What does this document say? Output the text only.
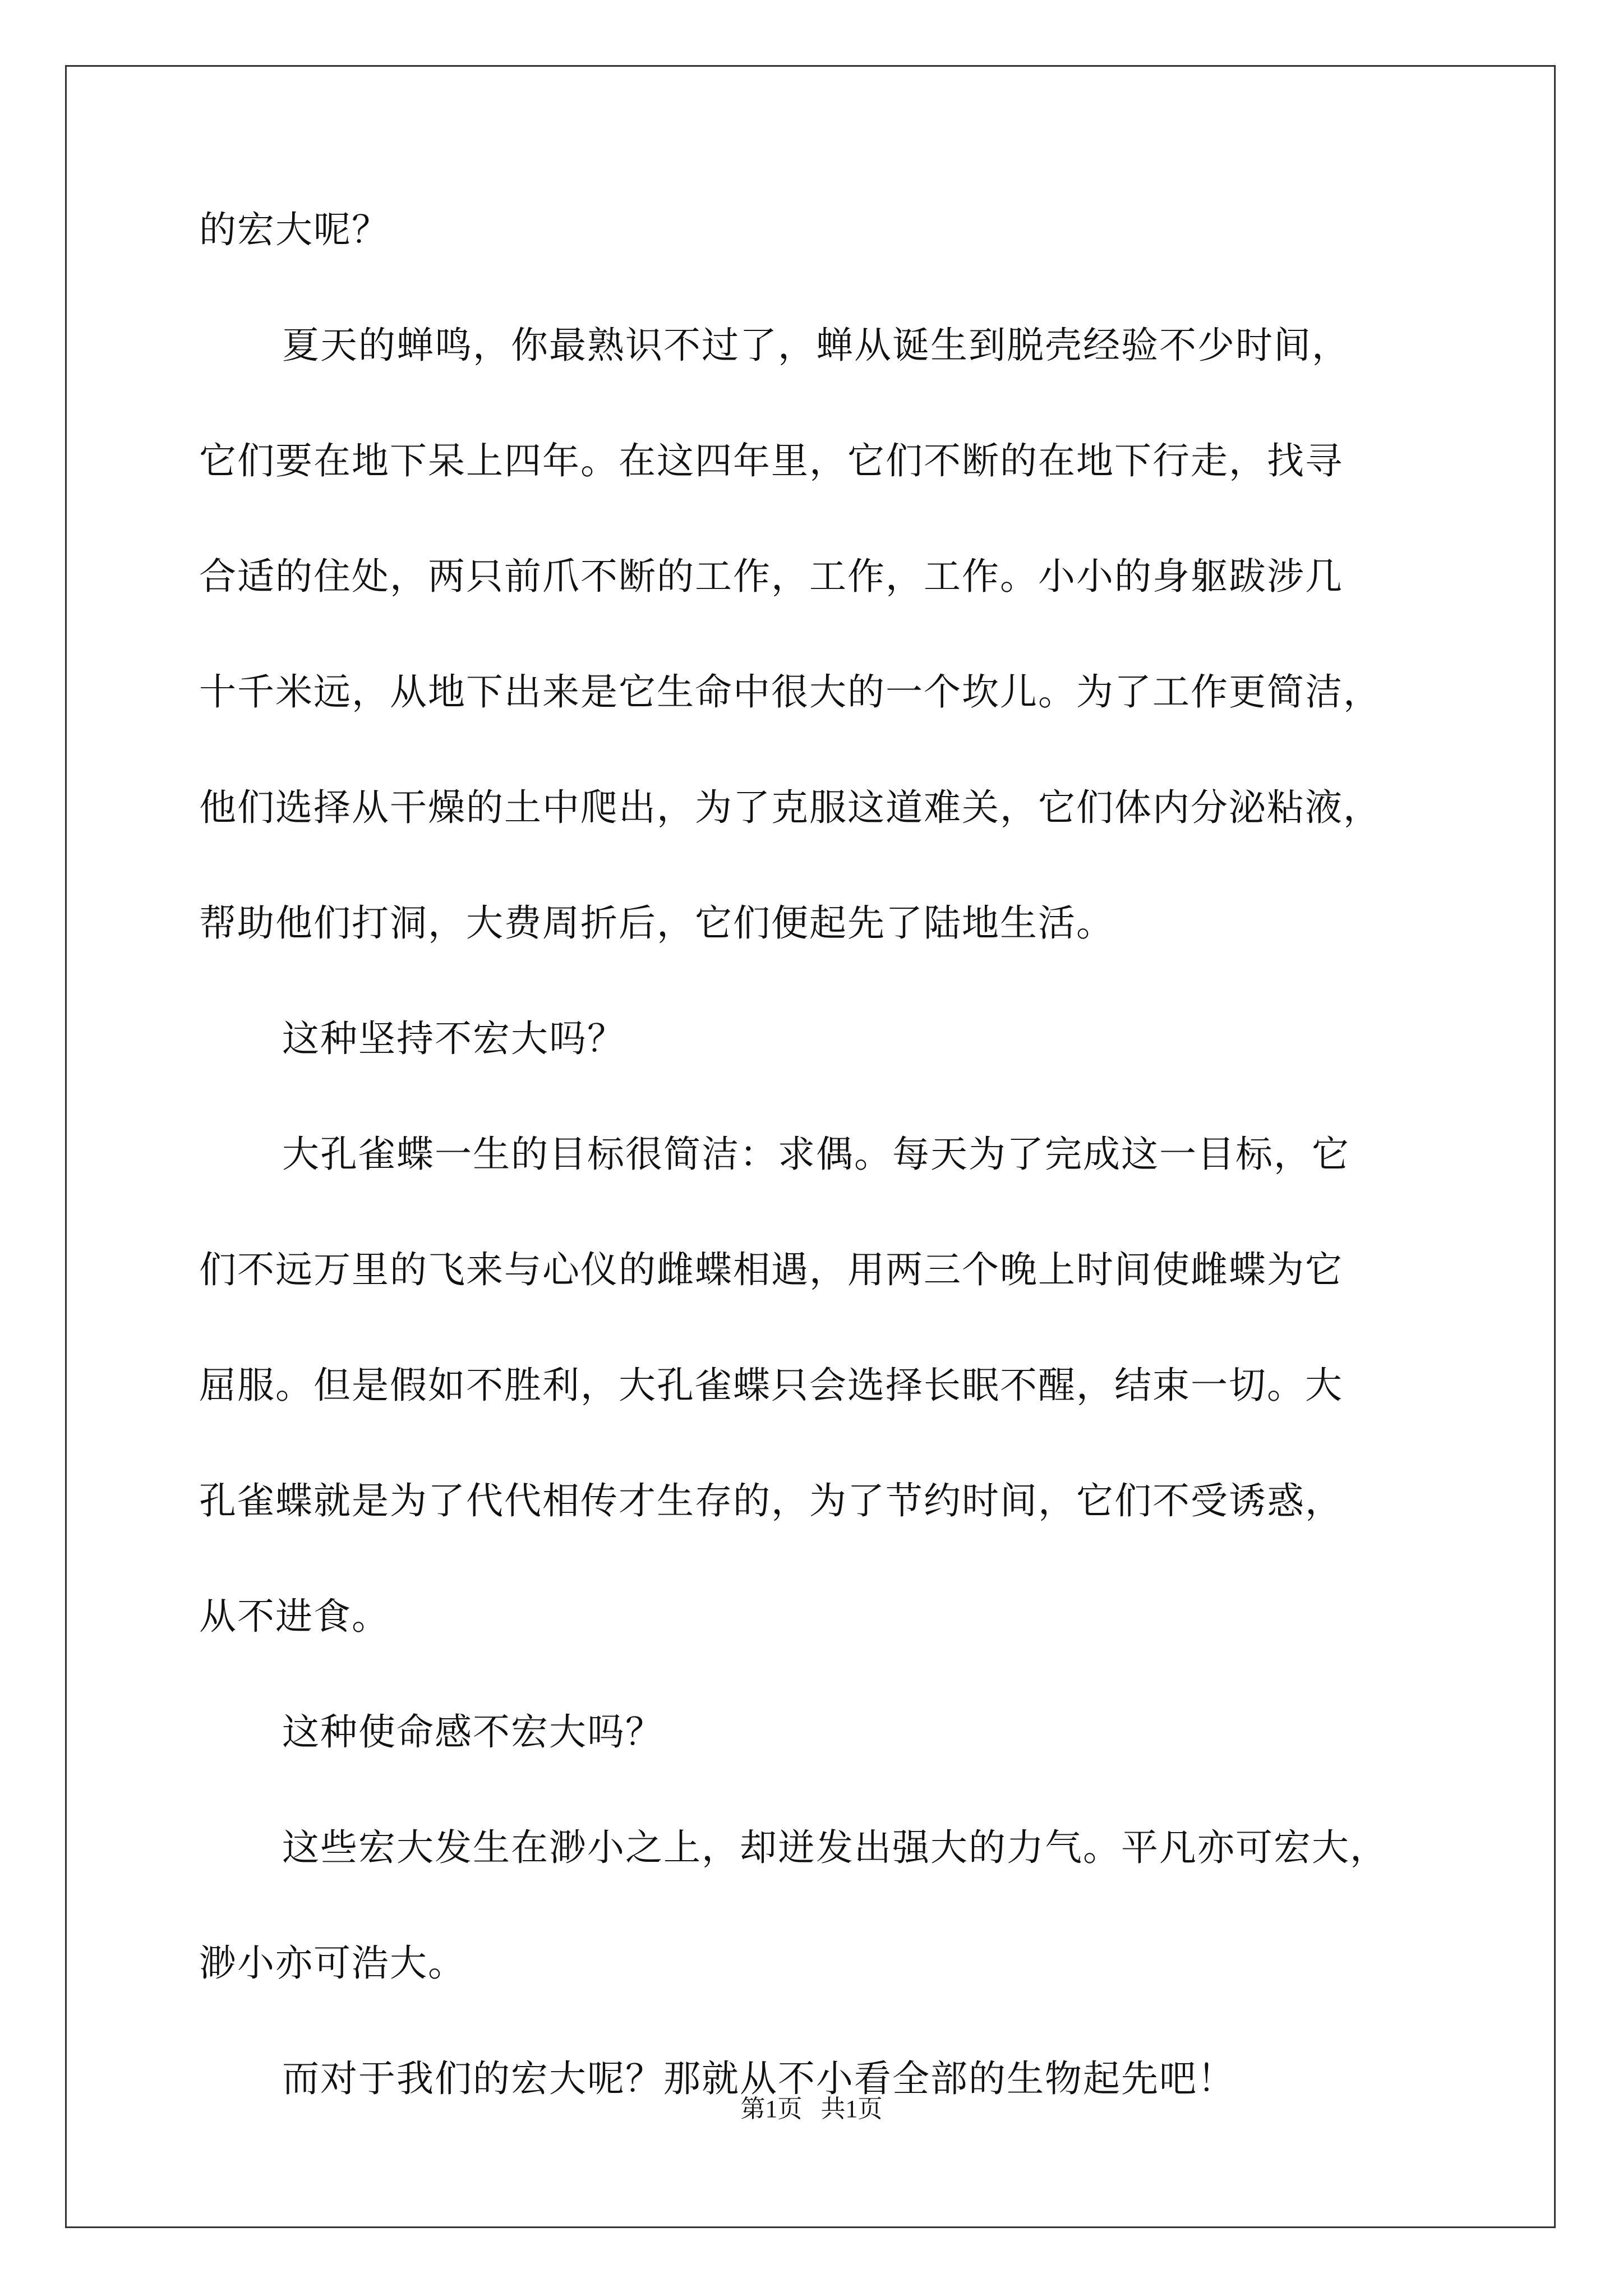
的宏大呢？
夏天的蝉鸣，你最熟识不过了，蝉从诞生到脱壳经验不少时间，
它们要在地下呆上四年。在这四年里，它们不断的在地下行走，找寻
合适的住处，两只前爪不断的工作，工作，工作。小小的身躯跋涉几
十千米远，从地下出来是它生命中很大的一个坎儿。为了工作更简洁，
他们选择从干燥的土中爬出，为了克服这道难关，它们体内分泌粘液，
帮助他们打洞，大费周折后，它们便起先了陆地生活。
这种坚持不宏大吗？
大孔雀蝶一生的目标很简洁：求偶。每天为了完成这一目标，它
们不远万里的飞来与心仪的雌蝶相遇，用两三个晚上时间使雌蝶为它
屈服。但是假如不胜利，大孔雀蝶只会选择长眠不醒，结束一切。大
孔雀蝶就是为了代代相传才生存的，为了节约时间，它们不受诱惑，
从不进食。
这种使命感不宏大吗？
这些宏大发生在渺小之上，却迸发出强大的力气。平凡亦可宏大，
渺小亦可浩大。
而对于我们的宏大呢？那就从不小看全部的生物起先吧！
第1页   共1页
